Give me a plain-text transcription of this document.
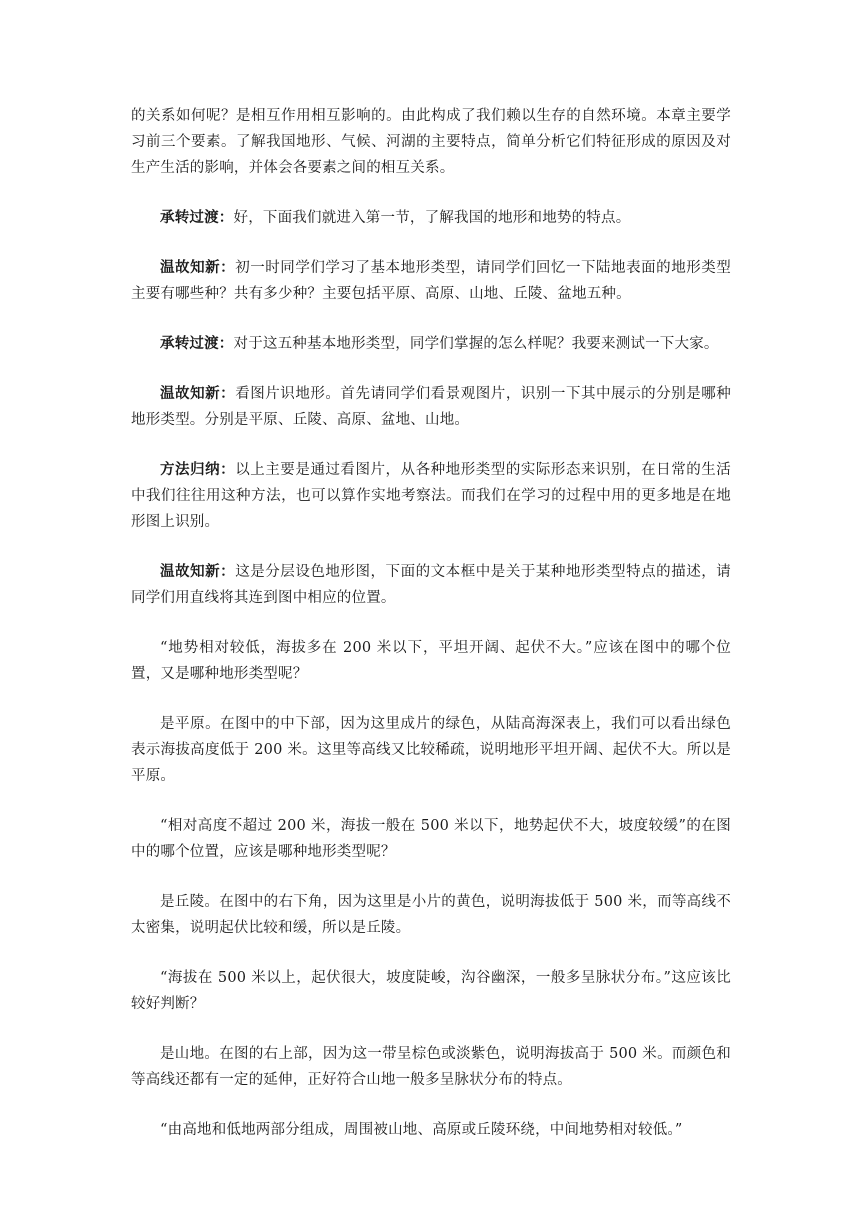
的关系如何呢？是相互作用相互影响的。由此构成了我们赖以生存的自然环境。本章主要学习前三个要素。了解我国地形、气候、河湖的主要特点，简单分析它们特征形成的原因及对生产生活的影响，并体会各要素之间的相互关系。

承转过渡：好，下面我们就进入第一节，了解我国的地形和地势的特点。

温故知新：初一时同学们学习了基本地形类型，请同学们回忆一下陆地表面的地形类型主要有哪些种？共有多少种？主要包括平原、高原、山地、丘陵、盆地五种。

承转过渡：对于这五种基本地形类型，同学们掌握的怎么样呢？我要来测试一下大家。

温故知新：看图片识地形。首先请同学们看景观图片，识别一下其中展示的分别是哪种地形类型。分别是平原、丘陵、高原、盆地、山地。

方法归纳：以上主要是通过看图片，从各种地形类型的实际形态来识别，在日常的生活中我们往往用这种方法，也可以算作实地考察法。而我们在学习的过程中用的更多地是在地形图上识别。

温故知新：这是分层设色地形图，下面的文本框中是关于某种地形类型特点的描述，请同学们用直线将其连到图中相应的位置。

“地势相对较低，海拔多在 200 米以下，平坦开阔、起伏不大。”应该在图中的哪个位置，又是哪种地形类型呢？

是平原。在图中的中下部，因为这里成片的绿色，从陆高海深表上，我们可以看出绿色表示海拔高度低于 200 米。这里等高线又比较稀疏，说明地形平坦开阔、起伏不大。所以是平原。

“相对高度不超过 200 米，海拔一般在 500 米以下，地势起伏不大，坡度较缓”的在图中的哪个位置，应该是哪种地形类型呢？

是丘陵。在图中的右下角，因为这里是小片的黄色，说明海拔低于 500 米，而等高线不太密集，说明起伏比较和缓，所以是丘陵。

“海拔在 500 米以上，起伏很大，坡度陡峻，沟谷幽深，一般多呈脉状分布。”这应该比较好判断？

是山地。在图的右上部，因为这一带呈棕色或淡紫色，说明海拔高于 500 米。而颜色和等高线还都有一定的延伸，正好符合山地一般多呈脉状分布的特点。

“由高地和低地两部分组成，周围被山地、高原或丘陵环绕，中间地势相对较低。”
